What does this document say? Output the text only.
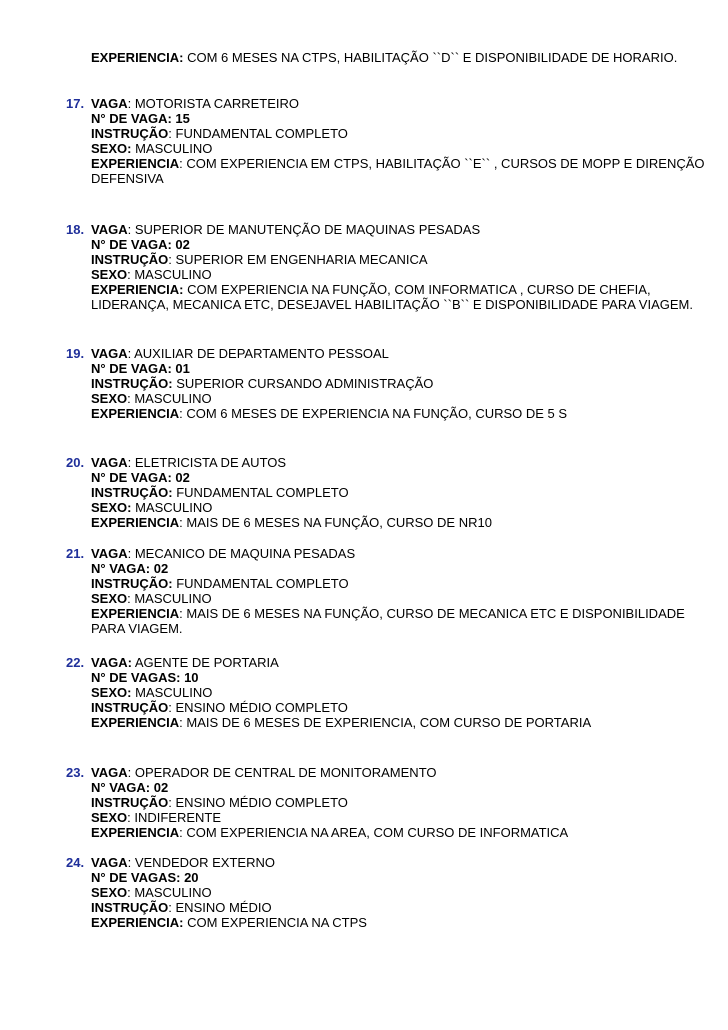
EXPERIENCIA: COM 6 MESES NA CTPS, HABILITAÇÃO ``D`` E DISPONIBILIDADE DE HORARIO.
17. VAGA: MOTORISTA CARRETEIRO
N° DE VAGA: 15
INSTRUÇÃO: FUNDAMENTAL COMPLETO
SEXO: MASCULINO
EXPERIENCIA: COM EXPERIENCIA EM CTPS, HABILITAÇÃO ``E`` , CURSOS DE MOPP E DIRENÇÃO DEFENSIVA
18. VAGA: SUPERIOR DE MANUTENÇÃO DE MAQUINAS PESADAS
N° DE VAGA: 02
INSTRUÇÃO: SUPERIOR EM ENGENHARIA MECANICA
SEXO: MASCULINO
EXPERIENCIA: COM EXPERIENCIA NA FUNÇÃO, COM INFORMATICA , CURSO DE CHEFIA, LIDERANÇA, MECANICA ETC, DESEJAVEL HABILITAÇÃO ``B`` E DISPONIBILIDADE PARA VIAGEM.
19. VAGA: AUXILIAR DE DEPARTAMENTO PESSOAL
N° DE VAGA: 01
INSTRUÇÃO: SUPERIOR CURSANDO ADMINISTRAÇÃO
SEXO: MASCULINO
EXPERIENCIA: COM 6 MESES DE EXPERIENCIA NA FUNÇÃO, CURSO DE 5 S
20. VAGA: ELETRICISTA DE AUTOS
N° DE VAGA: 02
INSTRUÇÃO: FUNDAMENTAL COMPLETO
SEXO: MASCULINO
EXPERIENCIA: MAIS DE 6 MESES NA FUNÇÃO, CURSO DE NR10
21. VAGA: MECANICO DE MAQUINA PESADAS
N° VAGA: 02
INSTRUÇÃO: FUNDAMENTAL COMPLETO
SEXO: MASCULINO
EXPERIENCIA: MAIS DE 6 MESES NA FUNÇÃO, CURSO DE MECANICA ETC E DISPONIBILIDADE PARA VIAGEM.
22. VAGA: AGENTE DE PORTARIA
N° DE VAGAS: 10
SEXO: MASCULINO
INSTRUÇÃO: ENSINO MÉDIO COMPLETO
EXPERIENCIA: MAIS DE 6 MESES DE EXPERIENCIA, COM CURSO DE PORTARIA
23. VAGA: OPERADOR DE CENTRAL DE MONITORAMENTO
N° VAGA: 02
INSTRUÇÃO: ENSINO MÉDIO COMPLETO
SEXO: INDIFERENTE
EXPERIENCIA: COM EXPERIENCIA NA AREA, COM CURSO DE INFORMATICA
24. VAGA: VENDEDOR EXTERNO
N° DE VAGAS: 20
SEXO: MASCULINO
INSTRUÇÃO: ENSINO MÉDIO
EXPERIENCIA: COM EXPERIENCIA NA CTPS
